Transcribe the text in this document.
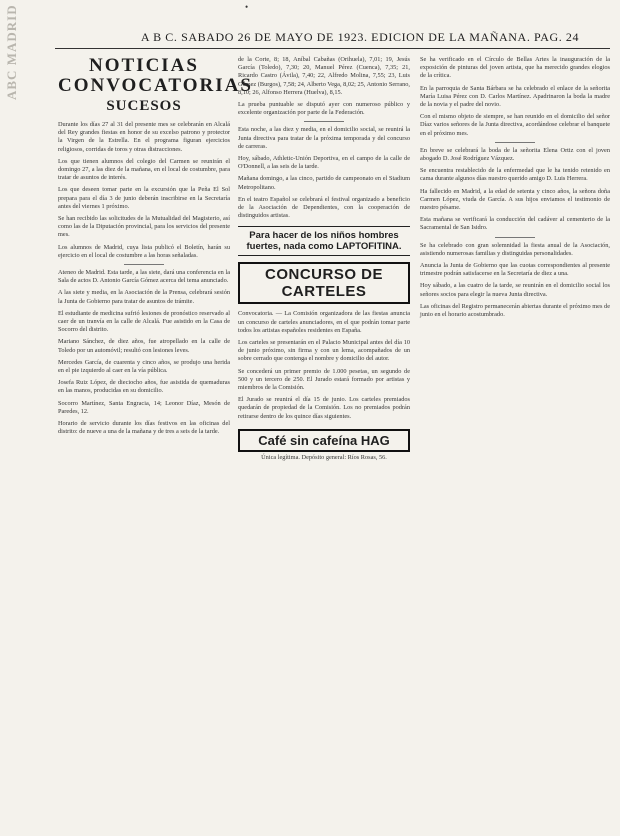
ABC MADRID	•
A B C. SABADO 26 DE MAYO DE 1923. EDICION DE LA MAÑANA. PAG. 24
NOTICIAS
CONVOCATORIAS
SUCESOS

Durante los días 27 al 31 del presente mes se celebrarán en Alcalá del Rey grandes fiestas en honor de su excelso patrono y protector la Virgen de la Estrella. En el programa figuran ejercicios religiosos, corridas de toros y otras distracciones.

Los que tienen alumnos del colegio del Carmen se reunirán el domingo 27, a las diez de la mañana, en el local de costumbre, para tratar de asuntos de interés.

Los que deseen tomar parte en la excursión que la Peña El Sol prepara para el día 3 de junio deberán inscribirse en la Secretaría antes del viernes 1 próximo.

Se han recibido las solicitudes de la Mutualidad del Magisterio, así como las de la Diputación provincial, para los servicios del presente mes.

Los alumnos de Madrid, cuya lista publicó el Boletín, harán su ejercicio en el local de costumbre a las horas señaladas.

Ateneo de Madrid. Esta tarde, a las siete, dará una conferencia en la Sala de actos D. Antonio García Gómez acerca del tema anunciado.

A las siete y media, en la Asociación de la Prensa, celebrará sesión la Junta de Gobierno para tratar de asuntos de trámite.

El estudiante de medicina sufrió lesiones de pronóstico reservado al caer de un tranvía en la calle de Alcalá. Fue asistido en la Casa de Socorro del distrito.

Mariano Sánchez, de diez años, fue atropellado en la calle de Toledo por un automóvil; resultó con lesiones leves.

Mercedes García, de cuarenta y cinco años, se produjo una herida en el pie izquierdo al caer en la vía pública.

Josefa Ruiz López, de dieciocho años, fue asistida de quemaduras en las manos, producidas en su domicilio.

Socorro Martínez, Santa Engracia, 14; Leonor Díaz, Mesón de Paredes, 12.

Horario de servicio durante los días festivos en las oficinas del distrito: de nueve a una de la mañana y de tres a seis de la tarde.

de la Corte, 8; 18, Aníbal Cabañas (Orihuela), 7,01; 19, Jesús García (Toledo), 7,30; 20, Manuel Pérez (Cuenca), 7,35; 21, Ricardo Castro (Ávila), 7,40; 22, Alfredo Molina, 7,55; 23, Luis Gómez (Burgos), 7,58; 24, Alberto Vega, 8,02; 25, Antonio Serrano, 8,10; 26, Alfonso Herrera (Huelva), 8,15.

La prueba puntuable se disputó ayer con numeroso público y excelente organización por parte de la Federación.

Esta noche, a las diez y media, en el domicilio social, se reunirá la Junta directiva para tratar de la próxima temporada y del concurso de carreras.

Hoy, sábado, Athletic-Unión Deportiva, en el campo de la calle de O'Donnell, a las seis de la tarde.

Mañana domingo, a las cinco, partido de campeonato en el Stadium Metropolitano.

En el teatro Español se celebrará el festival organizado a beneficio de la Asociación de Dependientes, con la cooperación de distinguidos artistas.

Para hacer de los niños hombres fuertes, nada como LAPTOFITINA.
CONCURSO DE CARTELES

Convocatoria. — La Comisión organizadora de las fiestas anuncia un concurso de carteles anunciadores, en el que podrán tomar parte todos los artistas españoles residentes en España.

Los carteles se presentarán en el Palacio Municipal antes del día 10 de junio próximo, sin firma y con un lema, acompañados de un sobre cerrado que contenga el nombre y domicilio del autor.

Se concederá un primer premio de 1.000 pesetas, un segundo de 500 y un tercero de 250. El Jurado estará formado por artistas y miembros de la Comisión.

El Jurado se reunirá el día 15 de junio. Los carteles premiados quedarán de propiedad de la Comisión. Los no premiados podrán retirarse dentro de los quince días siguientes.

Café sin cafeína HAG
Única legítima. Depósito general: Ríos Rosas, 56.

Se ha verificado en el Círculo de Bellas Artes la inauguración de la exposición de pinturas del joven artista, que ha merecido grandes elogios de la crítica.

En la parroquia de Santa Bárbara se ha celebrado el enlace de la señorita María Luisa Pérez con D. Carlos Martínez. Apadrinaron la boda la madre de la novia y el padre del novio.

Con el mismo objeto de siempre, se han reunido en el domicilio del señor Díaz varios señores de la Junta directiva, acordándose celebrar el banquete en el próximo mes.

En breve se celebrará la boda de la señorita Elena Ortiz con el joven abogado D. José Rodríguez Vázquez.

Se encuentra restablecido de la enfermedad que le ha tenido retenido en cama durante algunos días nuestro querido amigo D. Luis Herrera.

Ha fallecido en Madrid, a la edad de setenta y cinco años, la señora doña Carmen López, viuda de García. A sus hijos enviamos el testimonio de nuestro pésame.

Esta mañana se verificará la conducción del cadáver al cementerio de la Sacramental de San Isidro.

Se ha celebrado con gran solemnidad la fiesta anual de la Asociación, asistiendo numerosas familias y distinguidas personalidades.

Anuncia la Junta de Gobierno que las cuotas correspondientes al presente trimestre podrán satisfacerse en la Secretaría de diez a una.

Hoy sábado, a las cuatro de la tarde, se reunirán en el domicilio social los señores socios para elegir la nueva Junta directiva.

Las oficinas del Registro permanecerán abiertas durante el próximo mes de junio en el horario acostumbrado.
